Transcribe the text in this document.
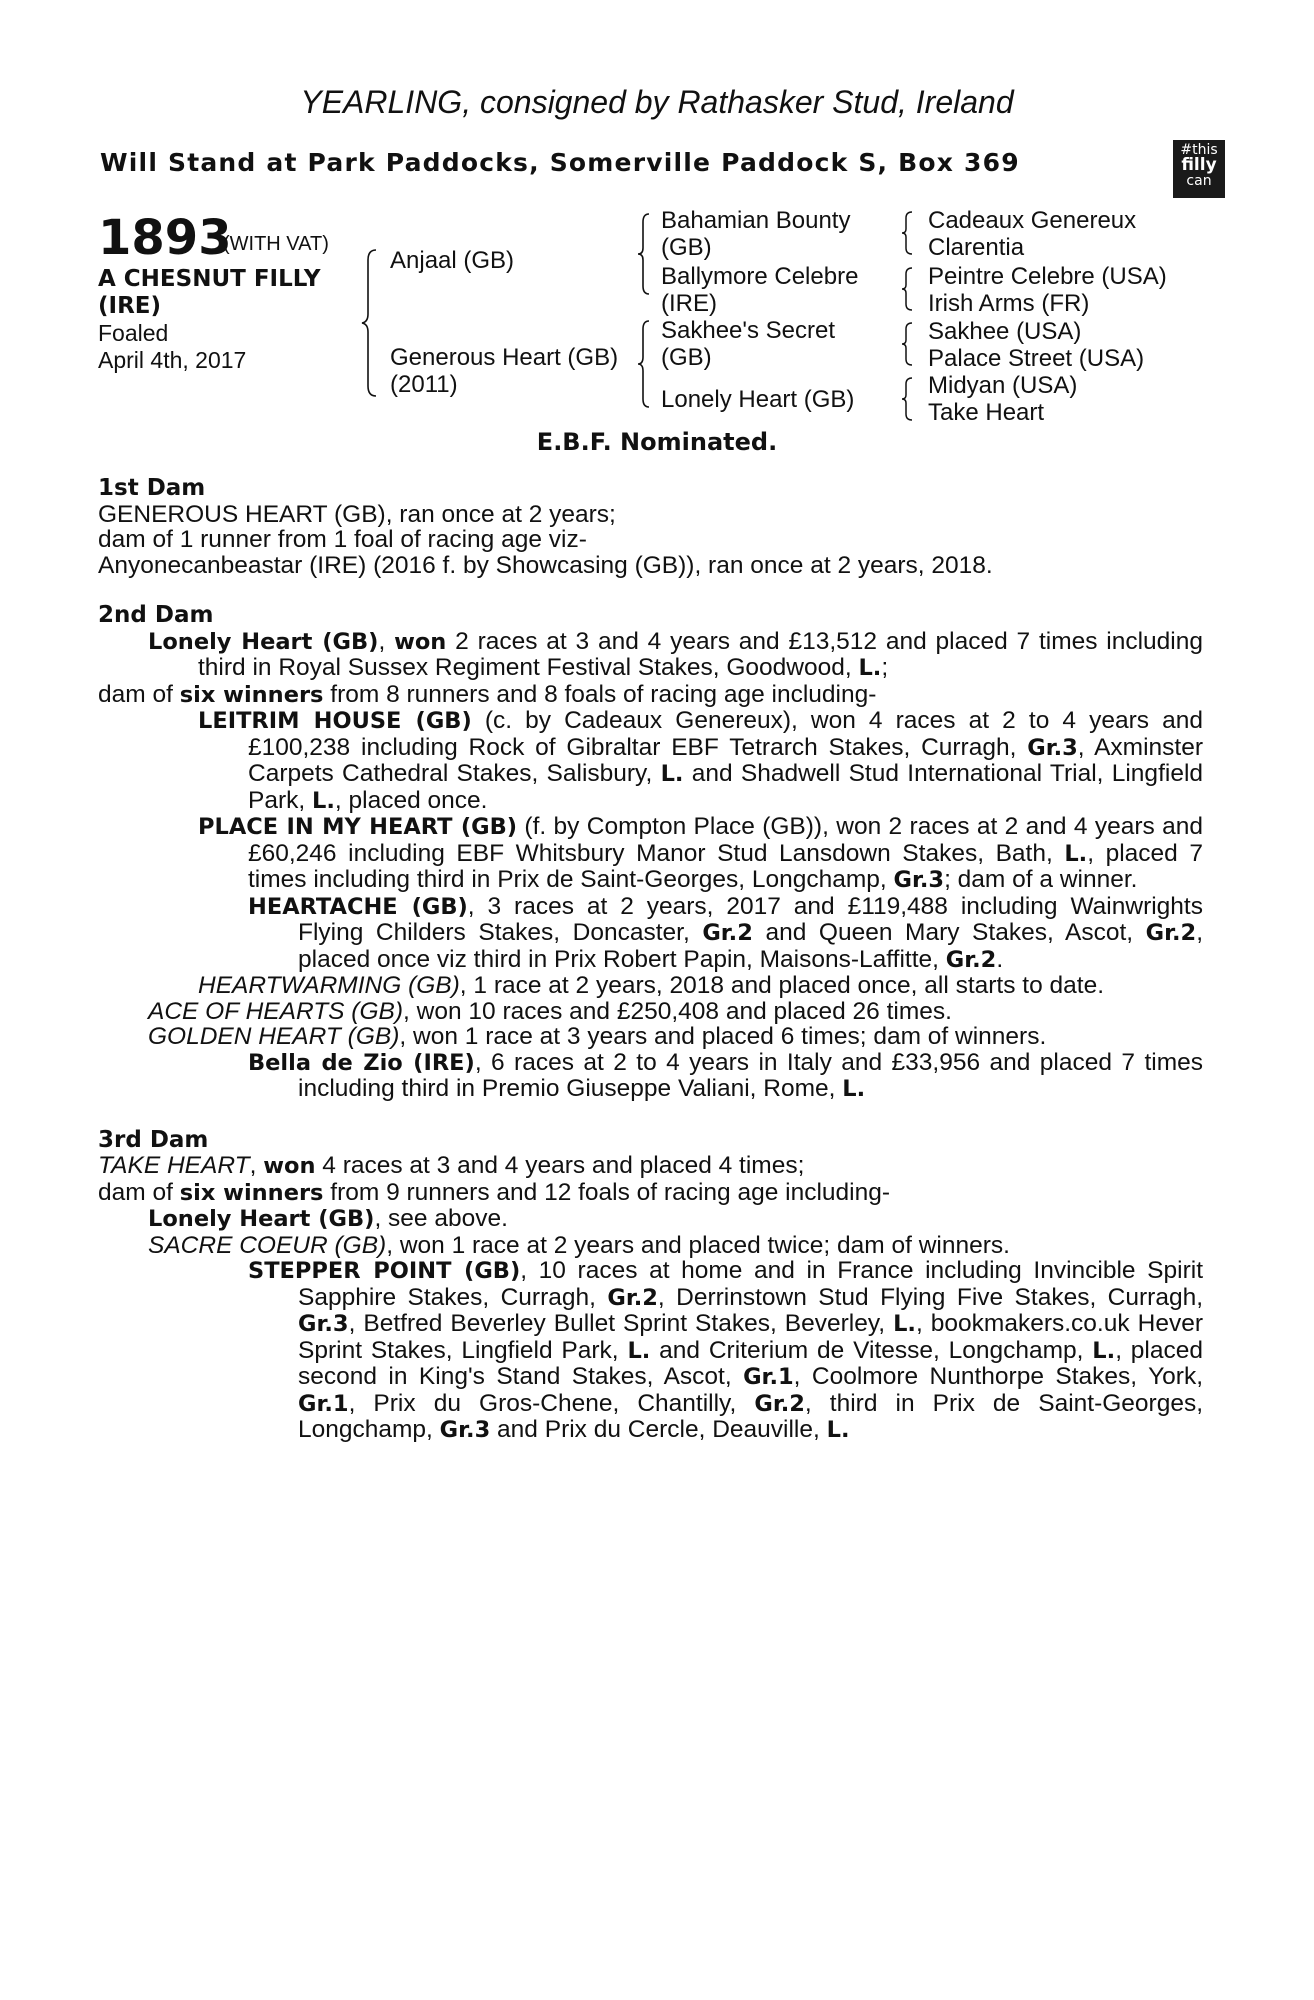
YEARLING, consigned by Rathasker Stud, Ireland
Will Stand at Park Paddocks, Somerville Paddock S, Box 369	#this
filly
can
1893
(WITH VAT)
A CHESNUT FILLY
(IRE)
Foaled
April 4th, 2017
Anjaal (GB)
Generous Heart (GB)
(2011)
Bahamian Bounty
(GB)
Ballymore Celebre
(IRE)
Sakhee's Secret
(GB)
Lonely Heart (GB)
Cadeaux Genereux
Clarentia
Peintre Celebre (USA)
Irish Arms (FR)
Sakhee (USA)
Palace Street (USA)
Midyan (USA)
Take Heart
E.B.F. Nominated.

1st Dam

GENEROUS HEART (GB), ran once at 2 years;

dam of 1 runner from 1 foal of racing age viz-

Anyonecanbeastar (IRE) (2016 f. by Showcasing (GB)), ran once at 2 years, 2018.

2nd Dam

Lonely Heart (GB), won 2 races at 3 and 4 years and £13,512 and placed 7 times including third in Royal Sussex Regiment Festival Stakes, Goodwood, L.;

dam of six winners from 8 runners and 8 foals of racing age including-

LEITRIM HOUSE (GB) (c. by Cadeaux Genereux), won 4 races at 2 to 4 years and £100,238 including Rock of Gibraltar EBF Tetrarch Stakes, Curragh, Gr.3, Axminster Carpets Cathedral Stakes, Salisbury, L. and Shadwell Stud International Trial, Lingfield Park, L., placed once.

PLACE IN MY HEART (GB) (f. by Compton Place (GB)), won 2 races at 2 and 4 years and £60,246 including EBF Whitsbury Manor Stud Lansdown Stakes, Bath, L., placed 7 times including third in Prix de Saint-Georges, Longchamp, Gr.3; dam of a winner.

HEARTACHE (GB), 3 races at 2 years, 2017 and £119,488 including Wainwrights Flying Childers Stakes, Doncaster, Gr.2 and Queen Mary Stakes, Ascot, Gr.2, placed once viz third in Prix Robert Papin, Maisons-Laffitte, Gr.2.

HEARTWARMING (GB), 1 race at 2 years, 2018 and placed once, all starts to date.

ACE OF HEARTS (GB), won 10 races and £250,408 and placed 26 times.

GOLDEN HEART (GB), won 1 race at 3 years and placed 6 times; dam of winners.

Bella de Zio (IRE), 6 races at 2 to 4 years in Italy and £33,956 and placed 7 times including third in Premio Giuseppe Valiani, Rome, L.

3rd Dam

TAKE HEART, won 4 races at 3 and 4 years and placed 4 times;

dam of six winners from 9 runners and 12 foals of racing age including-

Lonely Heart (GB), see above.

SACRE COEUR (GB), won 1 race at 2 years and placed twice; dam of winners.

STEPPER POINT (GB), 10 races at home and in France including Invincible Spirit Sapphire Stakes, Curragh, Gr.2, Derrinstown Stud Flying Five Stakes, Curragh, Gr.3, Betfred Beverley Bullet Sprint Stakes, Beverley, L., bookmakers.co.uk Hever Sprint Stakes, Lingfield Park, L. and Criterium de Vitesse, Longchamp, L., placed second in King's Stand Stakes, Ascot, Gr.1, Coolmore Nunthorpe Stakes, York, Gr.1, Prix du Gros-Chene, Chantilly, Gr.2, third in Prix de Saint-Georges, Longchamp, Gr.3 and Prix du Cercle, Deauville, L.
